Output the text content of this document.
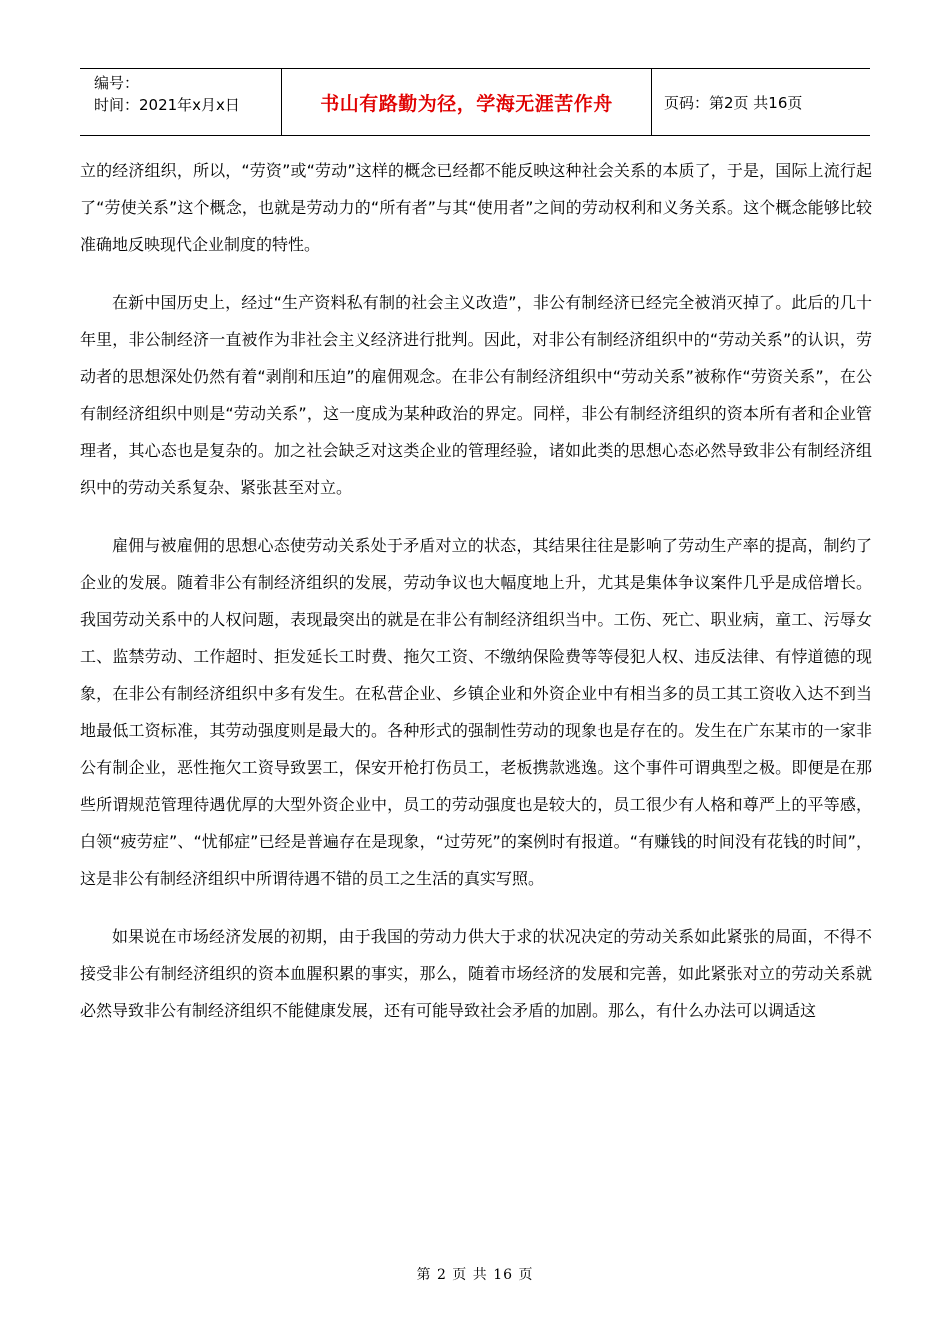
编号：
时间：2021年x月x日	书山有路勤为径，学海无涯苦作舟	页码：第2页 共16页

立的经济组织，所以，“劳资”或“劳动”这样的概念已经都不能反映这种社会关系的本质了，于是，国际上流行起了“劳使关系”这个概念，也就是劳动力的“所有者”与其“使用者”之间的劳动权利和义务关系。这个概念能够比较准确地反映现代企业制度的特性。

在新中国历史上，经过“生产资料私有制的社会主义改造”，非公有制经济已经完全被消灭掉了。此后的几十年里，非公制经济一直被作为非社会主义经济进行批判。因此，对非公有制经济组织中的“劳动关系”的认识，劳动者的思想深处仍然有着“剥削和压迫”的雇佣观念。在非公有制经济组织中“劳动关系”被称作“劳资关系”，在公有制经济组织中则是“劳动关系”，这一度成为某种政治的界定。同样，非公有制经济组织的资本所有者和企业管理者，其心态也是复杂的。加之社会缺乏对这类企业的管理经验，诸如此类的思想心态必然导致非公有制经济组织中的劳动关系复杂、紧张甚至对立。

雇佣与被雇佣的思想心态使劳动关系处于矛盾对立的状态，其结果往往是影响了劳动生产率的提高，制约了企业的发展。随着非公有制经济组织的发展，劳动争议也大幅度地上升，尤其是集体争议案件几乎是成倍增长。我国劳动关系中的人权问题，表现最突出的就是在非公有制经济组织当中。工伤、死亡、职业病，童工、污辱女工、监禁劳动、工作超时、拒发延长工时费、拖欠工资、不缴纳保险费等等侵犯人权、违反法律、有悖道德的现象，在非公有制经济组织中多有发生。在私营企业、乡镇企业和外资企业中有相当多的员工其工资收入达不到当地最低工资标准，其劳动强度则是最大的。各种形式的强制性劳动的现象也是存在的。发生在广东某市的一家非公有制企业，恶性拖欠工资导致罢工，保安开枪打伤员工，老板携款逃逸。这个事件可谓典型之极。即便是在那些所谓规范管理待遇优厚的大型外资企业中，员工的劳动强度也是较大的，员工很少有人格和尊严上的平等感，白领“疲劳症”、“忧郁症”已经是普遍存在是现象，“过劳死”的案例时有报道。“有赚钱的时间没有花钱的时间”，这是非公有制经济组织中所谓待遇不错的员工之生活的真实写照。

如果说在市场经济发展的初期，由于我国的劳动力供大于求的状况决定的劳动关系如此紧张的局面，不得不接受非公有制经济组织的资本血腥积累的事实，那么，随着市场经济的发展和完善，如此紧张对立的劳动关系就必然导致非公有制经济组织不能健康发展，还有可能导致社会矛盾的加剧。那么，有什么办法可以调适这

第 2 页 共 16 页
